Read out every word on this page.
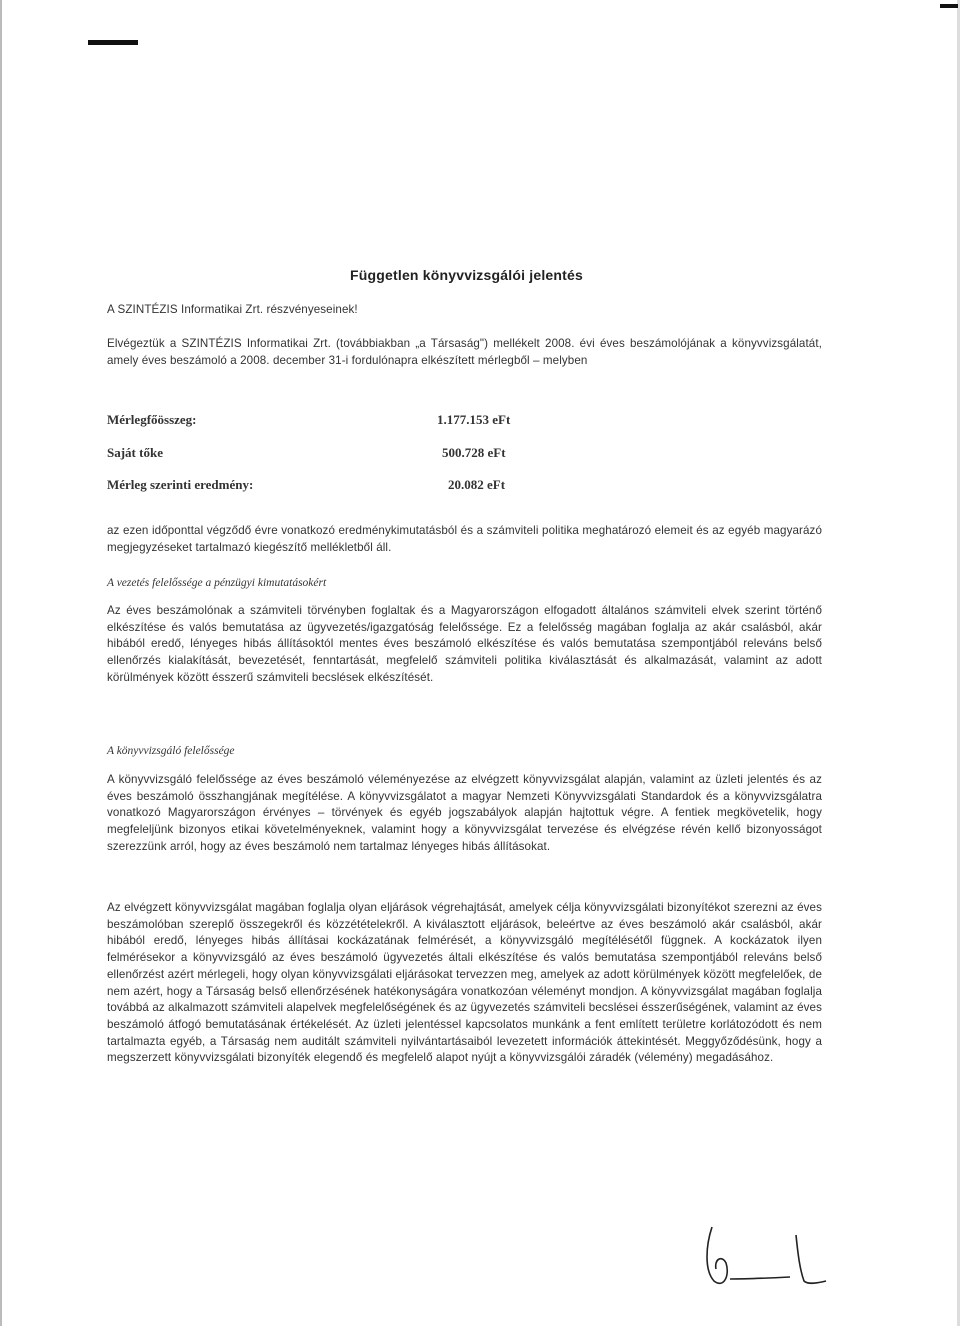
Független könyvvizsgálói jelentés

A SZINTÉZIS Informatikai Zrt. részvényeseinek!

Elvégeztük a SZINTÉZIS Informatikai Zrt. (továbbiakban „a Társaság") mellékelt 2008. évi éves beszámolójának a könyvvizsgálatát, amely éves beszámoló a 2008. december 31-i fordulónapra elkészített mérlegből – melyben

Mérlegfőösszeg:	1.177.153 eFt
Saját tőke	500.728 eFt
Mérleg szerinti eredmény:	20.082 eFt

az ezen időponttal végződő évre vonatkozó eredménykimutatásból és a számviteli politika meghatározó elemeit és az egyéb magyarázó megjegyzéseket tartalmazó kiegészítő mellékletből áll.

A vezetés felelőssége a pénzügyi kimutatásokért

Az éves beszámolónak a számviteli törvényben foglaltak és a Magyarországon elfogadott általános számviteli elvek szerint történő elkészítése és valós bemutatása az ügyvezetés/igazgatóság felelőssége. Ez a felelősség magában foglalja az akár csalásból, akár hibából eredő, lényeges hibás állításoktól mentes éves beszámoló elkészítése és valós bemutatása szempontjából releváns belső ellenőrzés kialakítását, bevezetését, fenntartását, megfelelő számviteli politika kiválasztását és alkalmazását, valamint az adott körülmények között ésszerű számviteli becslések elkészítését.

A könyvvizsgáló felelőssége

A könyvvizsgáló felelőssége az éves beszámoló véleményezése az elvégzett könyvvizsgálat alapján, valamint az üzleti jelentés és az éves beszámoló összhangjának megítélése. A könyvvizsgálatot a magyar Nemzeti Könyvvizsgálati Standardok és a könyvvizsgálatra vonatkozó Magyarországon érvényes – törvények és egyéb jogszabályok alapján hajtottuk végre. A fentiek megkövetelik, hogy megfeleljünk bizonyos etikai követelményeknek, valamint hogy a könyvvizsgálat tervezése és elvégzése révén kellő bizonyosságot szerezzünk arról, hogy az éves beszámoló nem tartalmaz lényeges hibás állításokat.

Az elvégzett könyvvizsgálat magában foglalja olyan eljárások végrehajtását, amelyek célja könyvvizsgálati bizonyítékot szerezni az éves beszámolóban szereplő összegekről és közzétételekről. A kiválasztott eljárások, beleértve az éves beszámoló akár csalásból, akár hibából eredő, lényeges hibás állításai kockázatának felmérését, a könyvvizsgáló megítélésétől függnek. A kockázatok ilyen felmérésekor a könyvvizsgáló az éves beszámoló ügyvezetés általi elkészítése és valós bemutatása szempontjából releváns belső ellenőrzést azért mérlegeli, hogy olyan könyvvizsgálati eljárásokat tervezzen meg, amelyek az adott körülmények között megfelelőek, de nem azért, hogy a Társaság belső ellenőrzésének hatékonyságára vonatkozóan véleményt mondjon. A könyvvizsgálat magában foglalja továbbá az alkalmazott számviteli alapelvek megfelelőségének és az ügyvezetés számviteli becslései ésszerűségének, valamint az éves beszámoló átfogó bemutatásának értékelését. Az üzleti jelentéssel kapcsolatos munkánk a fent említett területre korlátozódott és nem tartalmazta egyéb, a Társaság nem auditált számviteli nyilvántartásaiból levezetett információk áttekintését. Meggyőződésünk, hogy a megszerzett könyvvizsgálati bizonyíték elegendő és megfelelő alapot nyújt a könyvvizsgálói záradék (vélemény) megadásához.
